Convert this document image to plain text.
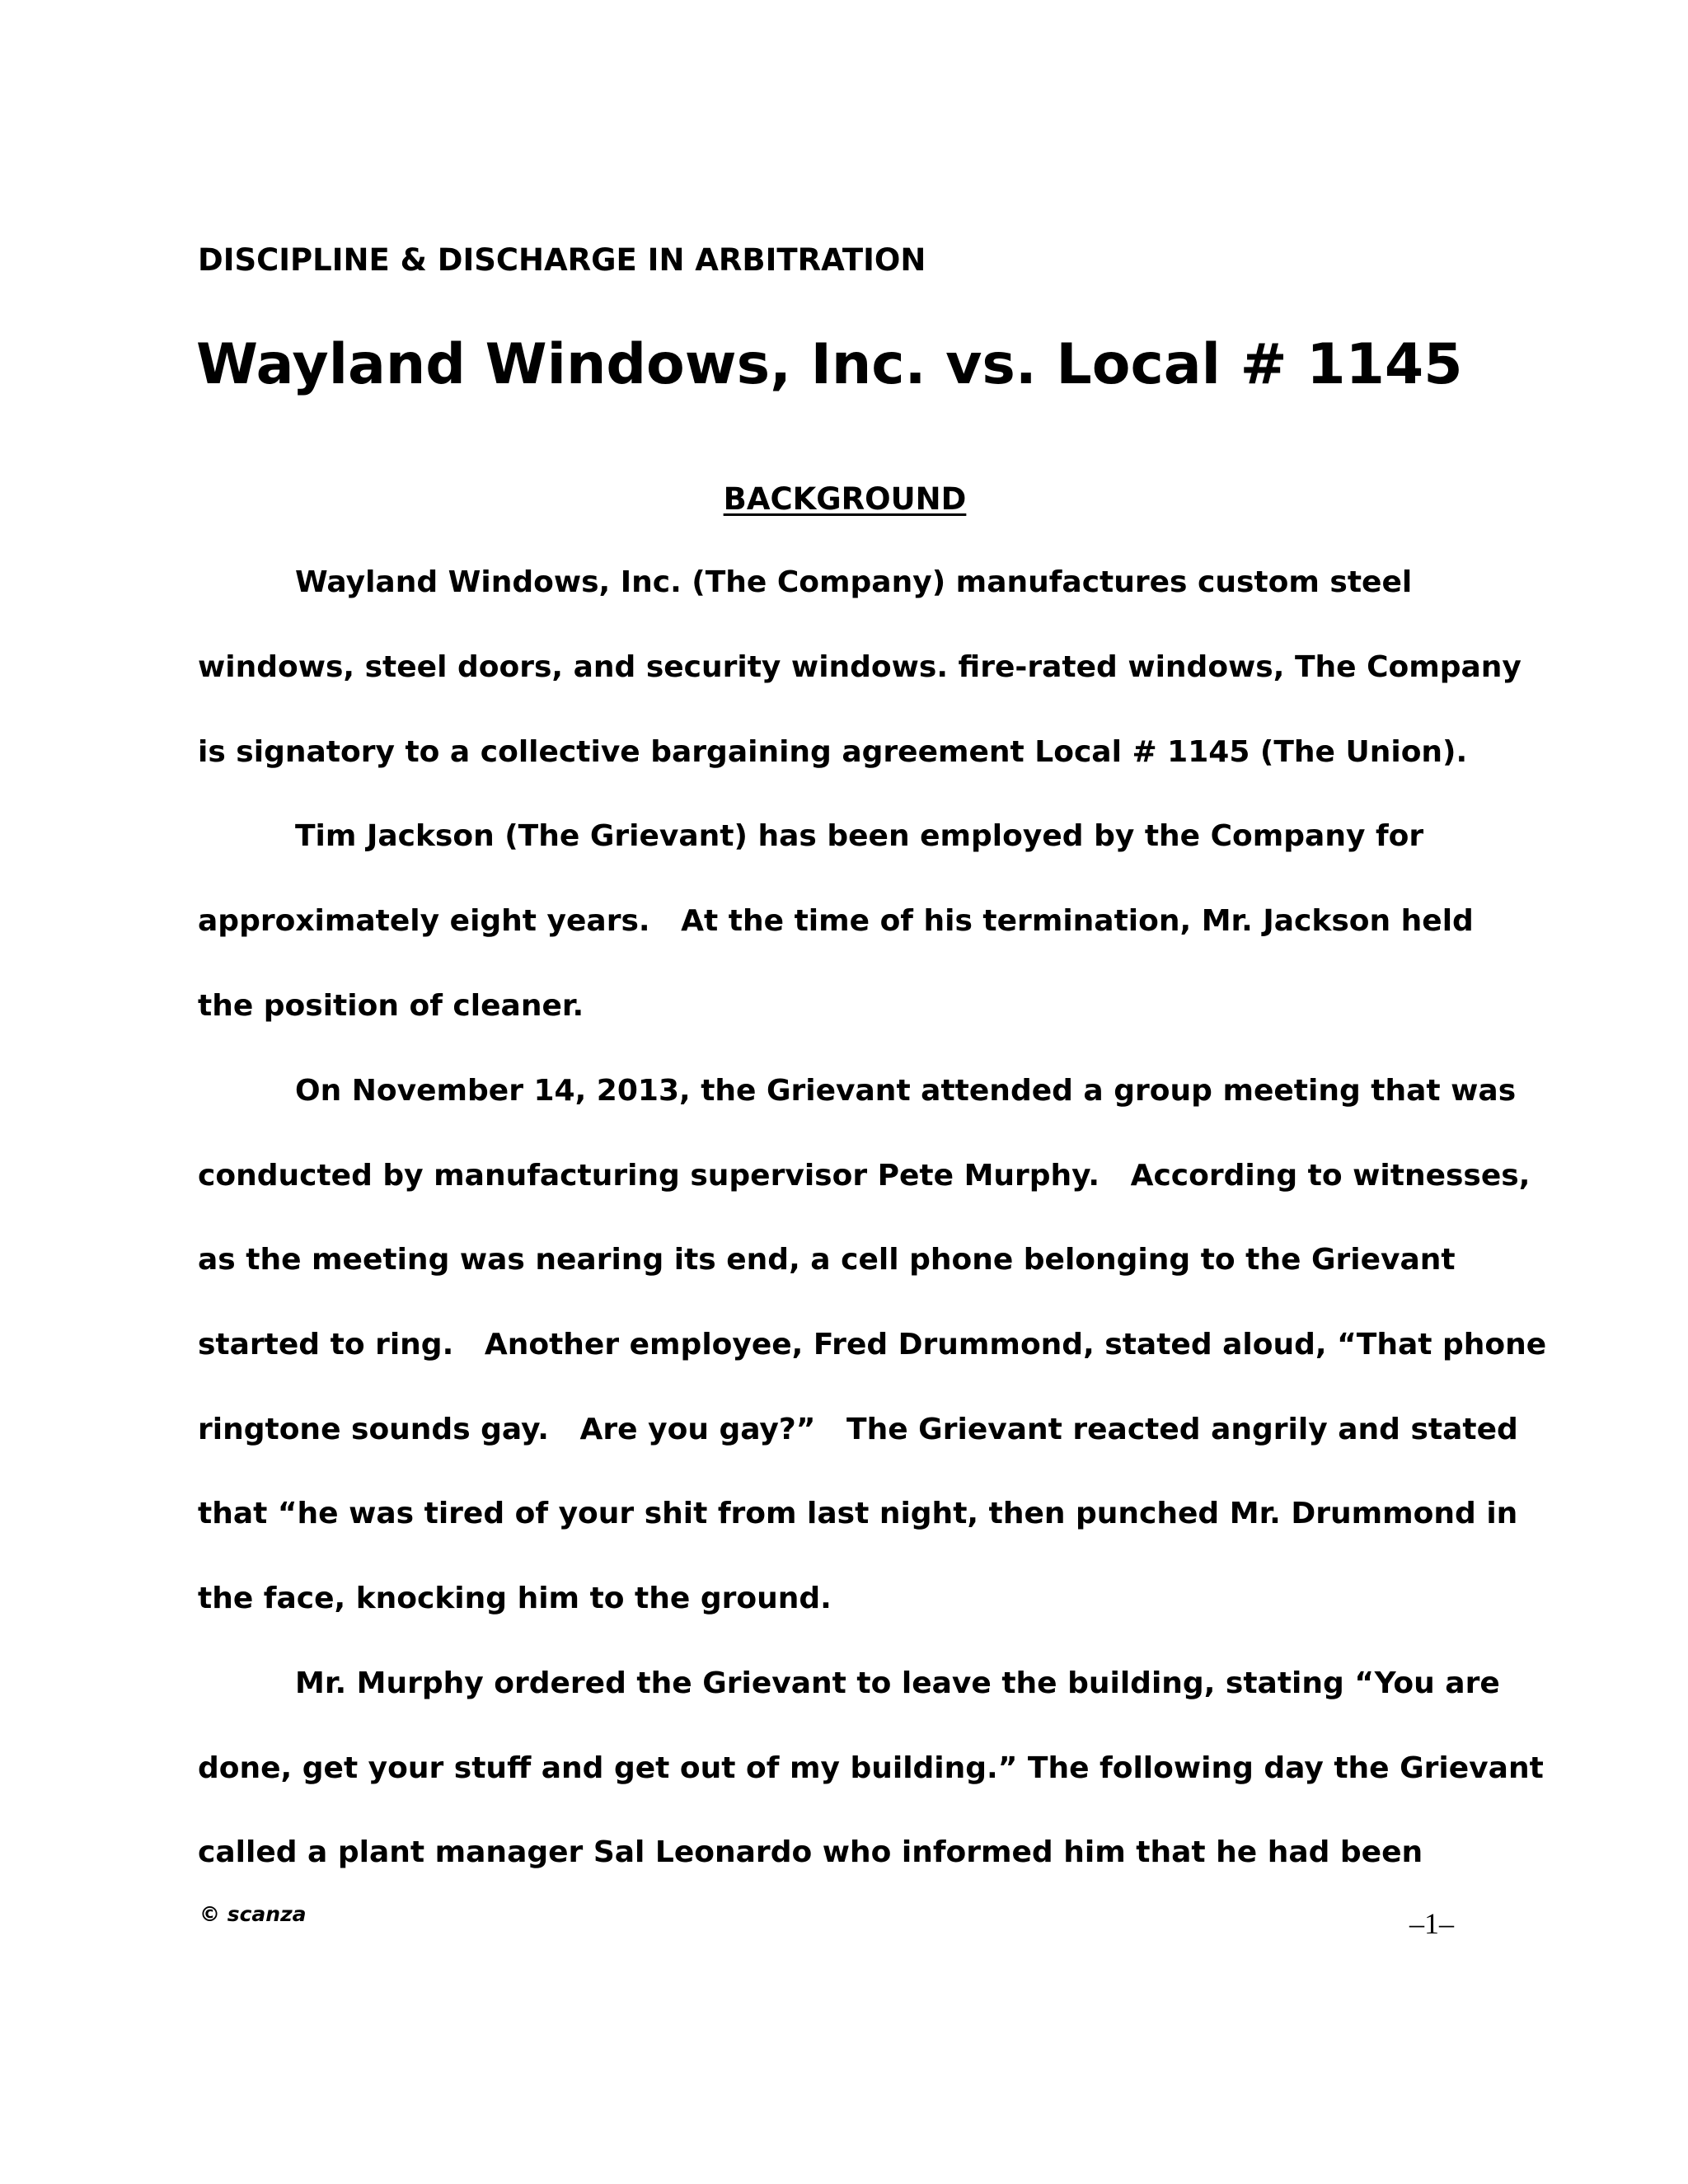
DISCIPLINE & DISCHARGE IN ARBITRATION
Wayland Windows, Inc. vs. Local # 1145
BACKGROUND
Wayland Windows, Inc. (The Company) manufactures custom steel
windows, steel doors, and security windows. fire-rated windows, The Company
is signatory to a collective bargaining agreement Local # 1145 (The Union).
Tim Jackson (The Grievant) has been employed by the Company for
approximately eight years.   At the time of his termination, Mr. Jackson held
the position of cleaner.
On November 14, 2013, the Grievant attended a group meeting that was
conducted by manufacturing supervisor Pete Murphy.   According to witnesses,
as the meeting was nearing its end, a cell phone belonging to the Grievant
started to ring.   Another employee, Fred Drummond, stated aloud, “That phone
ringtone sounds gay.   Are you gay?”   The Grievant reacted angrily and stated
that “he was tired of your shit from last night, then punched Mr. Drummond in
the face, knocking him to the ground.
Mr. Murphy ordered the Grievant to leave the building, stating “You are
done, get your stuff and get out of my building.” The following day the Grievant
called a plant manager Sal Leonardo who informed him that he had been
© scanza	–1–
